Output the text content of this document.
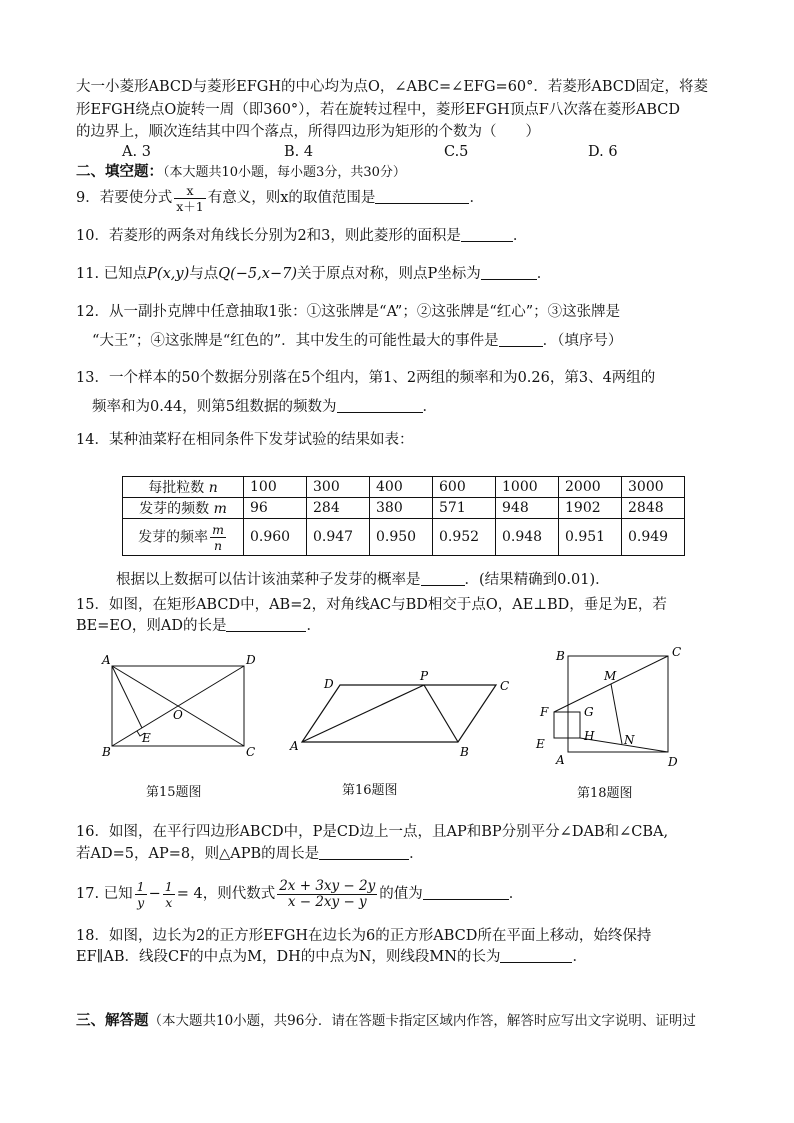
大一小菱形ABCD与菱形EFGH的中心均为点O，∠ABC=∠EFG=60°．若菱形ABCD固定，将菱
形EFGH绕点O旋转一周（即360°），若在旋转过程中，菱形EFGH顶点F八次落在菱形ABCD
的边界上，顺次连结其中四个落点，所得四边形为矩形的个数为（　　）
A. 3	B. 4	C.5	D. 6
二、填空题：（本大题共10小题，每小题3分，共30分）
9．若要使分式 $\frac{x}{x+1}$ 有意义，则x的取值范围是	．
10．若菱形的两条对角线长分别为2和3，则此菱形的面积是	．
11. 已知点P(x,y)与点Q(−5,x−7)关于原点对称，则点P坐标为	．
12．从一副扑克牌中任意抽取1张：①这张牌是“A”；②这张牌是“红心”；③这张牌是
“大王”；④这张牌是“红色的”．其中发生的可能性最大的事件是	．（填序号）
13．一个样本的50个数据分别落在5个组内，第1、2两组的频率和为0.26，第3、4两组的
频率和为0.44，则第5组数据的频数为	．
14．某种油菜籽在相同条件下发芽试验的结果如表：
每批粒数 n	100	300	400	600	1000	2000	3000
发芽的频数 m	96	284	380	571	948	1902	2848
发芽的频率 $\frac{m}{n}$	0.960	0.947	0.950	0.952	0.948	0.951	0.949
根据以上数据可以估计该油菜种子发芽的概率是	．(结果精确到0.01)．
15．如图，在矩形ABCD中，AB=2，对角线AC与BD相交于点O，AE⊥BD，垂足为E，若
BE=EO，则AD的长是	．
A	D
B	C
O
E
第15题图
D
P
C
A	B
第16题图
B	C
M
F	G
E
H N
A	D
第18题图
16．如图，在平行四边形ABCD中，P是CD边上一点，且AP和BP分别平分∠DAB和∠CBA,
若AD=5，AP=8，则△APB的周长是	．
17. 已知 $\frac{1}{y} - \frac{1}{x} = 4$，则代数式 $\frac{2x + 3xy - 2y}{x - 2xy - y}$ 的值为	．
18．如图，边长为2的正方形EFGH在边长为6的正方形ABCD所在平面上移动，始终保持
EF∥AB．线段CF的中点为M，DH的中点为N，则线段MN的长为	．
三、解答题（本大题共10小题，共96分．请在答题卡指定区域内作答，解答时应写出文字说明、证明过
